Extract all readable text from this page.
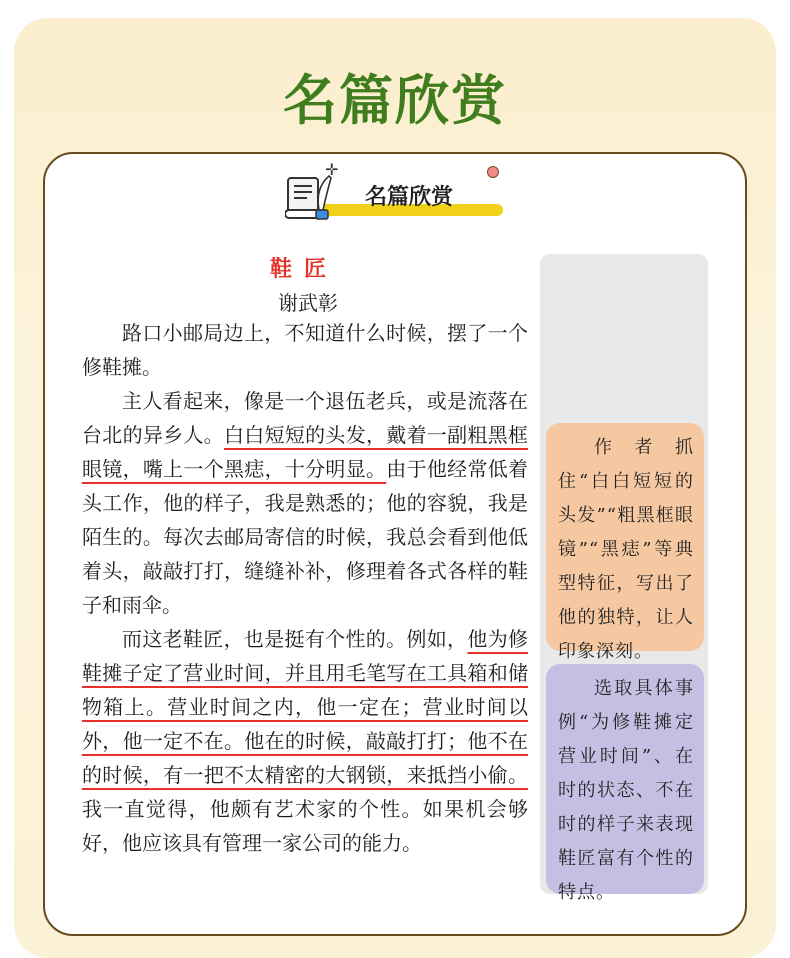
名篇欣赏
✛
名篇欣赏
鞋匠
谢武彰

路口小邮局边上，不知道什么时候，摆了一个修鞋摊。

主人看起来，像是一个退伍老兵，或是流落在台北的异乡人。白白短短的头发，戴着一副粗黑框眼镜，嘴上一个黑痣，十分明显。由于他经常低着头工作，他的样子，我是熟悉的；他的容貌，我是陌生的。每次去邮局寄信的时候，我总会看到他低着头，敲敲打打，缝缝补补，修理着各式各样的鞋子和雨伞。

而这老鞋匠，也是挺有个性的。例如，他为修鞋摊子定了营业时间，并且用毛笔写在工具箱和储物箱上。营业时间之内，他一定在；营业时间以外，他一定不在。他在的时候，敲敲打打；他不在的时候，有一把不太精密的大钢锁，来抵挡小偷。我一直觉得，他颇有艺术家的个性。如果机会够好，他应该具有管理一家公司的能力。

作者抓住“白白短短的头发”“粗黑框眼镜”“黑痣”等典型特征，写出了他的独特，让人印象深刻。

选取具体事例“为修鞋摊定营业时间”、在时的状态、不在时的样子来表现鞋匠富有个性的特点。
